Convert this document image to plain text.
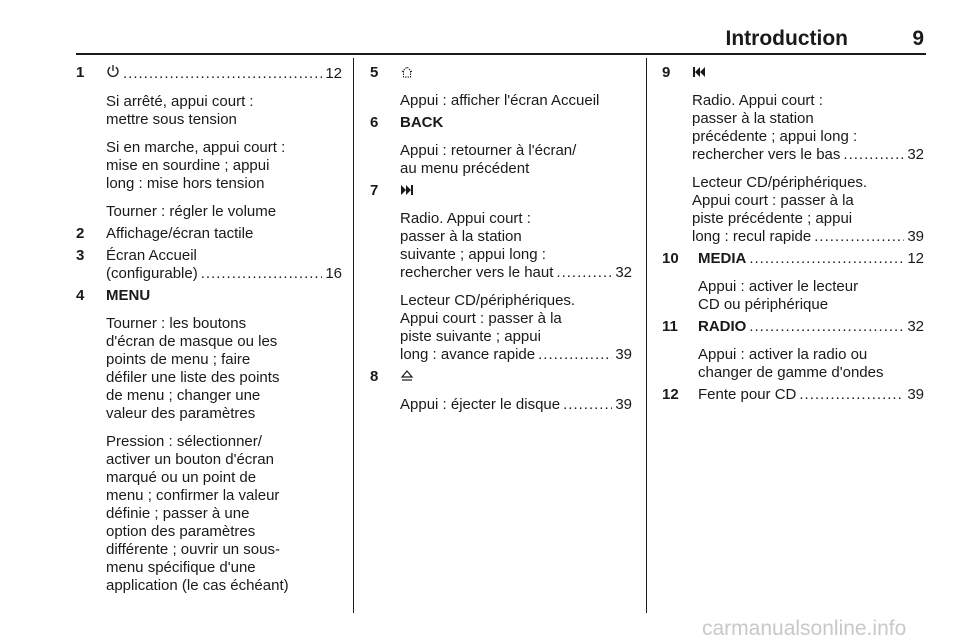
Introduction	9
1 .....	12
Si arrêté, appui court :
mettre sous tension
Si en marche, appui court :
mise en sourdine ; appui
long : mise hors tension
Tourner : régler le volume
2 Affichage/écran tactile
3 Écran Accueil
(configurable) .....	16
4 MENU
Tourner : les boutons
d'écran de masque ou les
points de menu ; faire
défiler une liste des points
de menu ; changer une
valeur des paramètres
Pression : sélectionner/
activer un bouton d'écran
marqué ou un point de
menu ; confirmer la valeur
définie ; passer à une
option des paramètres
différente ; ouvrir un sous-
menu spécifique d'une
application (le cas échéant)
5
Appui : afficher l'écran Accueil
6 BACK
Appui : retourner à l'écran/
au menu précédent
7
Radio. Appui court :
passer à la station
suivante ; appui long :
rechercher vers le haut .....	32
Lecteur CD/périphériques.
Appui court : passer à la
piste suivante ; appui
long : avance rapide .....	39
8
Appui : éjecter le disque .....	39
9
Radio. Appui court :
passer à la station
précédente ; appui long :
rechercher vers le bas .....	32
Lecteur CD/périphériques.
Appui court : passer à la
piste précédente ; appui
long : recul rapide .....	39
10 MEDIA .....	12
Appui : activer le lecteur
CD ou périphérique
11 RADIO .....	32
Appui : activer la radio ou
changer de gamme d'ondes
12 Fente pour CD .....	39
carmanualsonline.info
